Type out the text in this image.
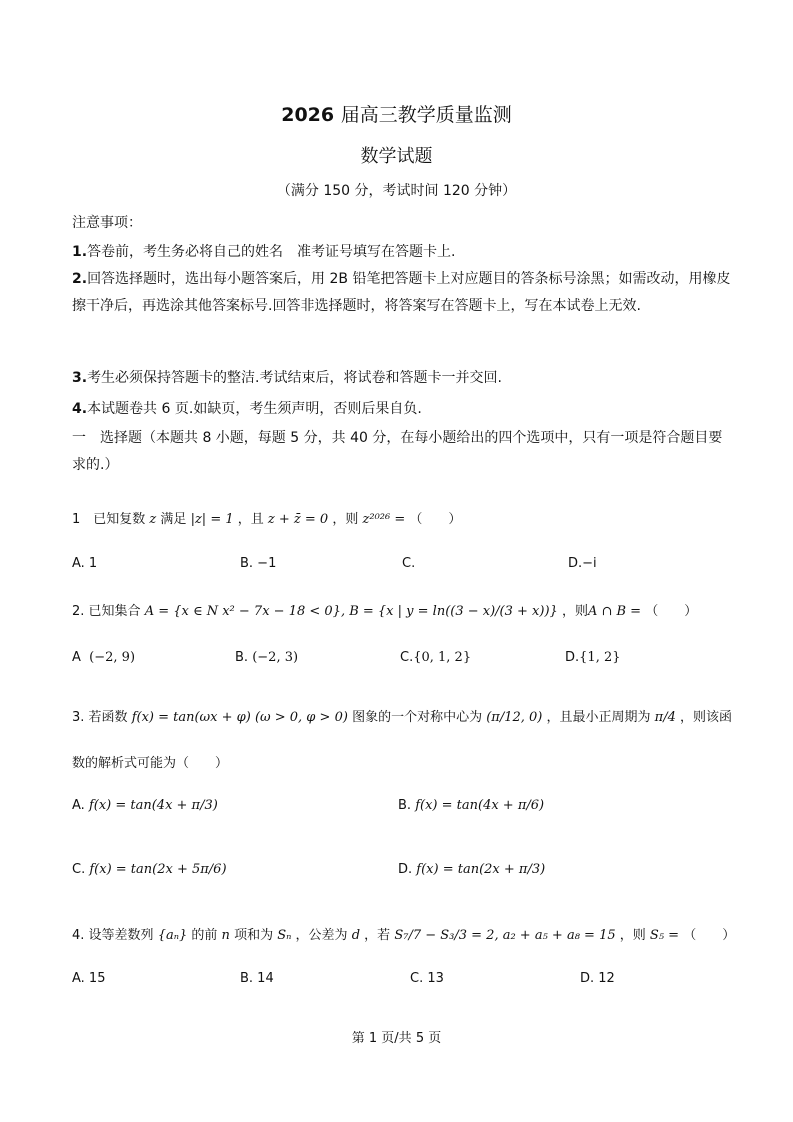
2026 届高三教学质量监测
数学试题
（满分 150 分，考试时间 120 分钟）
注意事项：
1.答卷前，考生务必将自己的姓名　准考证号填写在答题卡上.
2.回答选择题时，选出每小题答案后，用 2B 铅笔把答题卡上对应题目的答条标号涂黑；如需改动，用橡皮擦干净后，再选涂其他答案标号.回答非选择题时，将答案写在答题卡上，写在本试卷上无效.
3.考生必须保持答题卡的整洁.考试结束后，将试卷和答题卡一并交回.
4.本试题卷共 6 页.如缺页，考生须声明，否则后果自负.
一　选择题（本题共 8 小题，每题 5 分，共 40 分，在每小题给出的四个选项中，只有一项是符合题目要求的.）
1　已知复数 z 满足 |z| = 1 ，且 z + z̄ = 0 ，则 z²⁰²⁶ = （　　）
A. 1	B. −1	C.	D.−i
2. 已知集合 A = {x ∈ N x² − 7x − 18 < 0}, B = {x | y = ln((3 − x)/(3 + x))} ，则A ∩ B = （　　）
A (−2, 9)	B. (−2, 3)	C.{0, 1, 2}	D.{1, 2}
3. 若函数 f(x) = tan(ωx + φ) (ω > 0, φ > 0) 图象的一个对称中心为 (π/12, 0) ，且最小正周期为 π/4 ，则该函
数的解析式可能为（　　）
A. f(x) = tan(4x + π/3)	B. f(x) = tan(4x + π/6)
C. f(x) = tan(2x + 5π/6)	D. f(x) = tan(2x + π/3)
4. 设等差数列 {aₙ} 的前 n 项和为 Sₙ ，公差为 d ，若 S₇/7 − S₃/3 = 2, a₂ + a₅ + a₈ = 15 ，则 S₅ = （　　）
A. 15	B. 14	C. 13	D. 12
第 1 页/共 5 页
